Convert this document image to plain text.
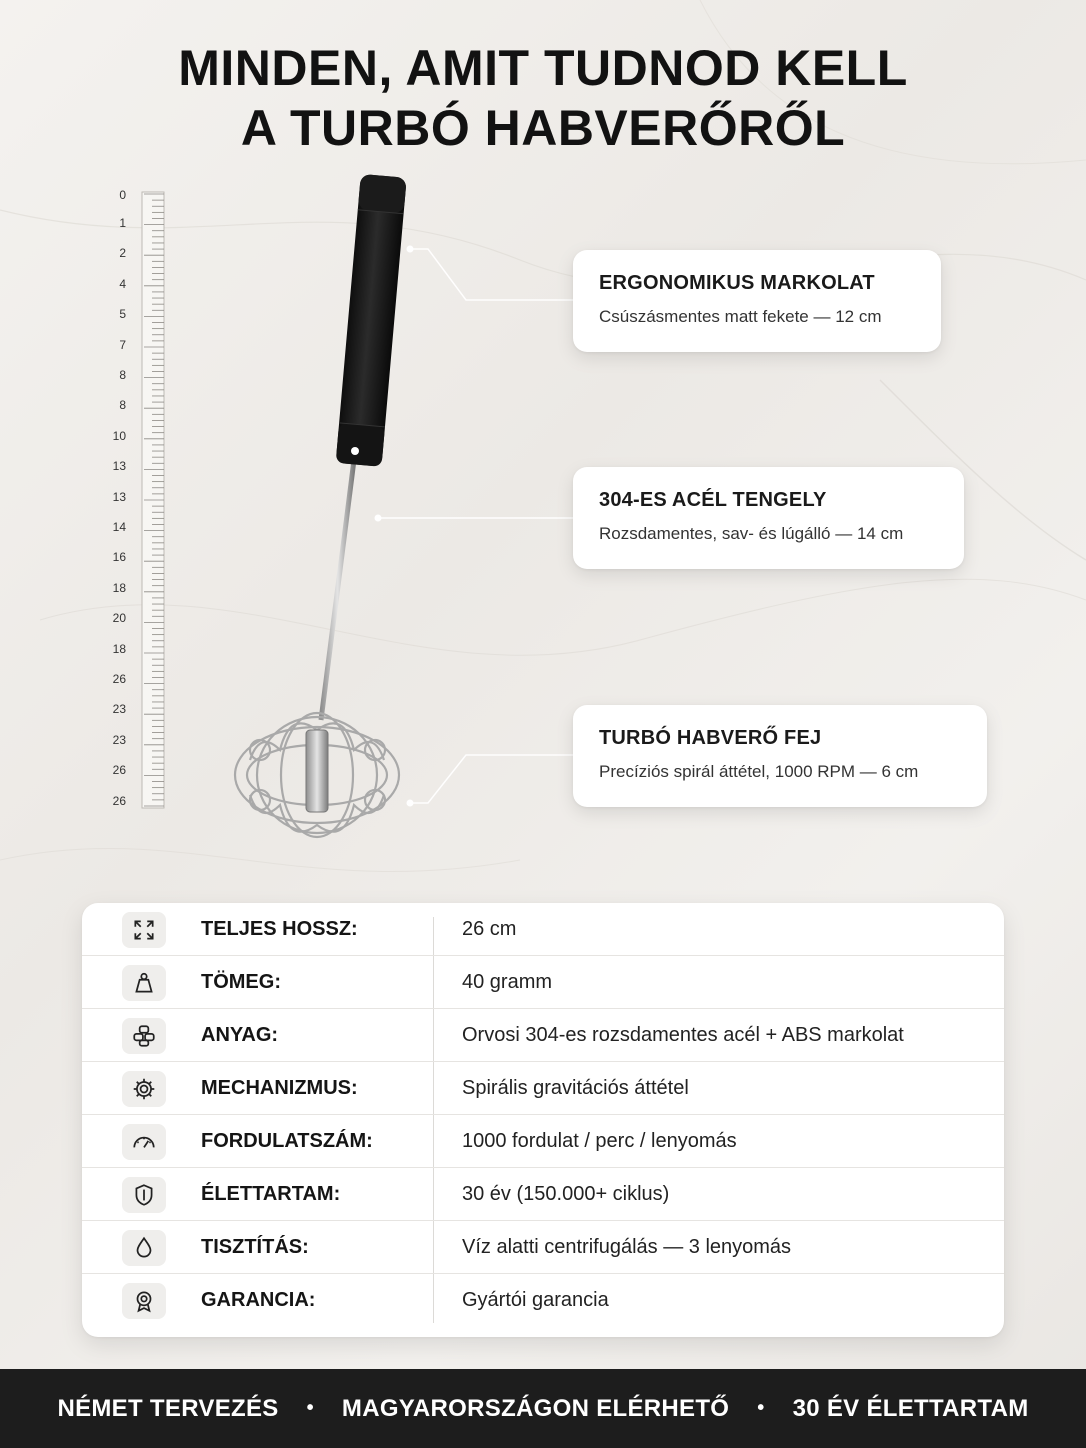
MINDEN, AMIT TUDNOD KELL
A TURBÓ HABVERŐRŐL
0
1
2
4
5
7
8
8
10
13
13
14
16
18
20
18
26
23
23
26
26
ERGONOMIKUS MARKOLAT
Csúszásmentes matt fekete — 12 cm
304-ES ACÉL TENGELY
Rozsdamentes, sav- és lúgálló — 14 cm
TURBÓ HABVERŐ FEJ
Precíziós spirál áttétel, 1000 RPM — 6 cm
TELJES HOSSZ:	26 cm
TÖMEG:	40 gramm
ANYAG:	Orvosi 304-es rozsdamentes acél + ABS markolat
MECHANIZMUS:	Spirális gravitációs áttétel
FORDULATSZÁM:	1000 fordulat / perc / lenyomás
ÉLETTARTAM:	30 év (150.000+ ciklus)
TISZTÍTÁS:	Víz alatti centrifugálás — 3 lenyomás
GARANCIA:	Gyártói garancia
NÉMET TERVEZÉS • MAGYARORSZÁGON ELÉRHETŐ • 30 ÉV ÉLETTARTAM
